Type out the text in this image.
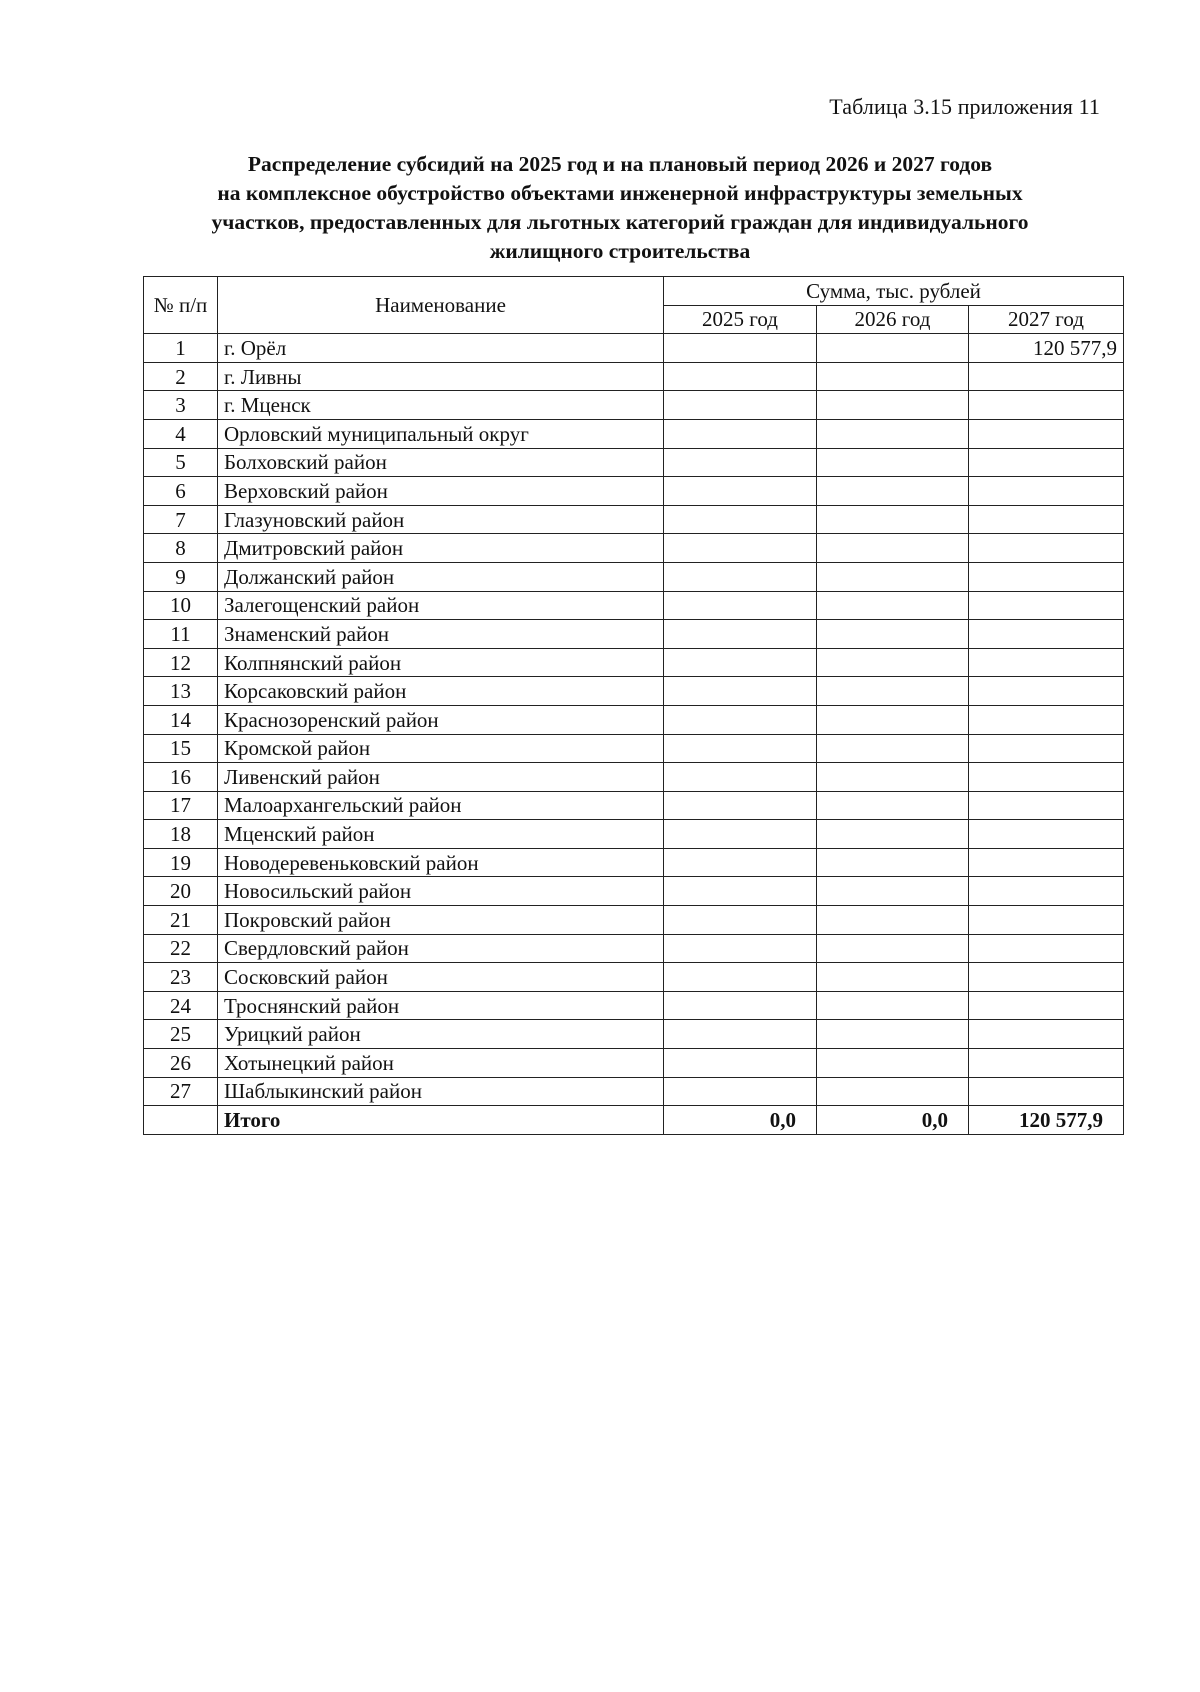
Таблица 3.15 приложения 11
Распределение субсидий на 2025 год и на плановый период 2026 и 2027 годов
на комплексное обустройство объектами инженерной инфраструктуры земельных
участков, предоставленных для льготных категорий граждан для индивидуального
жилищного строительства
№ п/п	Наименование	Сумма, тыс. рублей		
		2025 год	2026 год	2027 год
1	г. Орёл			120 577,9
2	г. Ливны			
3	г. Мценск			
4	Орловский муниципальный округ			
5	Болховский район			
6	Верховский район			
7	Глазуновский район			
8	Дмитровский район			
9	Должанский район			
10	Залегощенский район			
11	Знаменский район			
12	Колпнянский район			
13	Корсаковский район			
14	Краснозоренский район			
15	Кромской район			
16	Ливенский район			
17	Малоархангельский район			
18	Мценский район			
19	Новодеревеньковский район			
20	Новосильский район			
21	Покровский район			
22	Свердловский район			
23	Сосковский район			
24	Троснянский район			
25	Урицкий район			
26	Хотынецкий район			
27	Шаблыкинский район			
	Итого	0,0	0,0	120 577,9
